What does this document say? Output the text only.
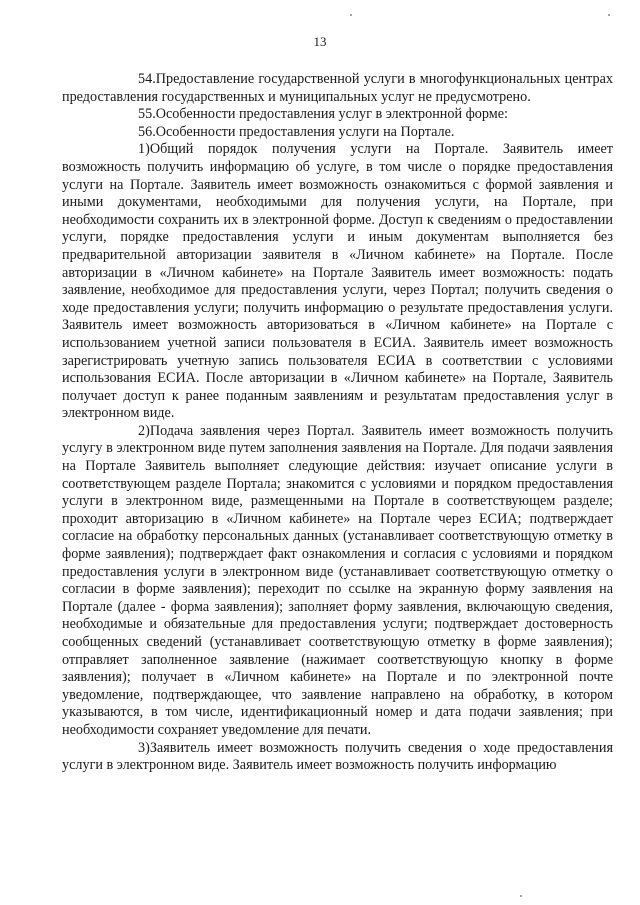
13

54.Предоставление государственной услуги в многофункциональных центрах предоставления государственных и муниципальных услуг не предусмотрено.

55.Особенности предоставления услуг в электронной форме:

56.Особенности предоставления услуги на Портале.

1)Общий порядок получения услуги на Портале. Заявитель имеет возможность получить информацию об услуге, в том числе о порядке предоставления услуги на Портале. Заявитель имеет возможность ознакомиться с формой заявления и иными документами, необходимыми для получения услуги, на Портале, при необходимости сохранить их в электронной форме. Доступ к сведениям о предоставлении услуги, порядке предоставления услуги и иным документам выполняется без предварительной авторизации заявителя в «Личном кабинете» на Портале. После авторизации в «Личном кабинете» на Портале Заявитель имеет возможность: подать заявление, необходимое для предоставления услуги, через Портал; получить сведения о ходе предоставления услуги; получить информацию о результате предоставления услуги. Заявитель имеет возможность авторизоваться в «Личном кабинете» на Портале с использованием учетной записи пользователя в ЕСИА. Заявитель имеет возможность зарегистрировать учетную запись пользователя ЕСИА в соответствии с условиями использования ЕСИА. После авторизации в «Личном кабинете» на Портале, Заявитель получает доступ к ранее поданным заявлениям и результатам предоставления услуг в электронном виде.

2)Подача заявления через Портал. Заявитель имеет возможность получить услугу в электронном виде путем заполнения заявления на Портале. Для подачи заявления на Портале Заявитель выполняет следующие действия: изучает описание услуги в соответствующем разделе Портала; знакомится с условиями и порядком предоставления услуги в электронном виде, размещенными на Портале в соответствующем разделе; проходит авторизацию в «Личном кабинете» на Портале через ЕСИА; подтверждает согласие на обработку персональных данных (устанавливает соответствующую отметку в форме заявления); подтверждает факт ознакомления и согласия с условиями и порядком предоставления услуги в электронном виде (устанавливает соответствующую отметку о согласии в форме заявления); переходит по ссылке на экранную форму заявления на Портале (далее - форма заявления); заполняет форму заявления, включающую сведения, необходимые и обязательные для предоставления услуги; подтверждает достоверность сообщенных сведений (устанавливает соответствующую отметку в форме заявления); отправляет заполненное заявление (нажимает соответствующую кнопку в форме заявления); получает в «Личном кабинете» на Портале и по электронной почте уведомление, подтверждающее, что заявление направлено на обработку, в котором указываются, в том числе, идентификационный номер и дата подачи заявления; при необходимости сохраняет уведомление для печати.

3)Заявитель имеет возможность получить сведения о ходе предоставления услуги в электронном виде. Заявитель имеет возможность получить информацию
